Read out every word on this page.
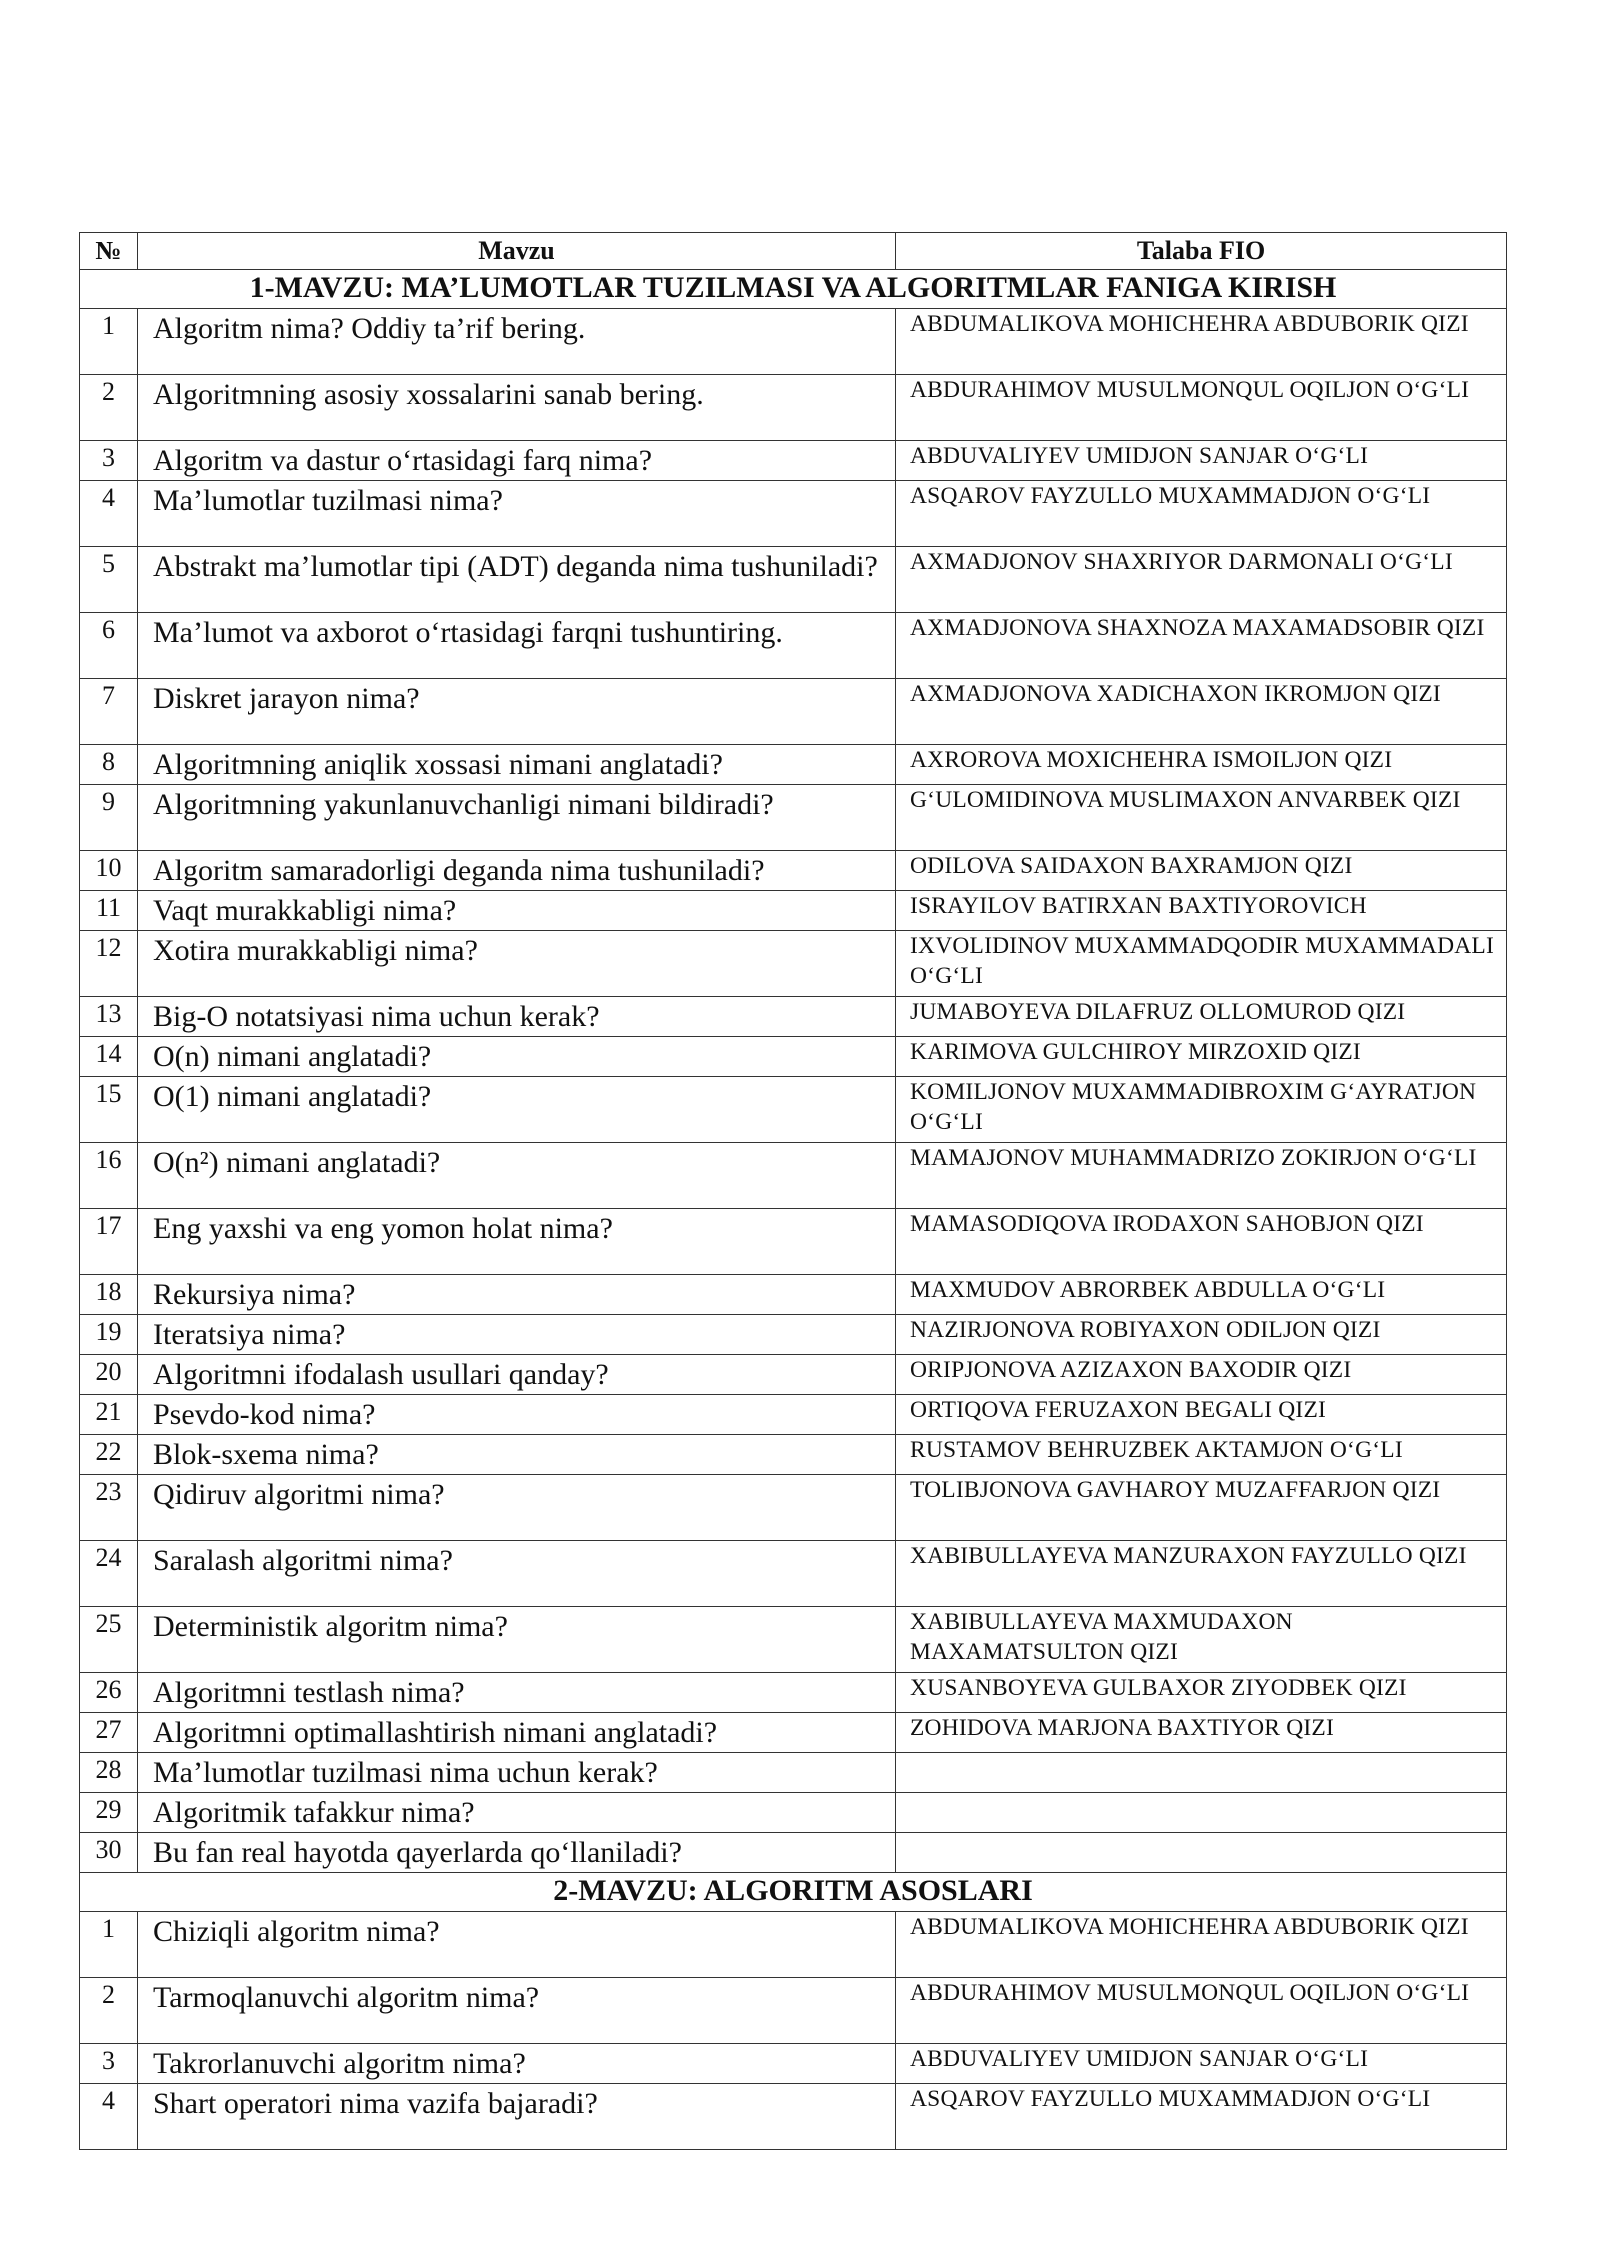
№	Mavzu	Talaba FIO
1-MAVZU: MA’LUMOTLAR TUZILMASI VA ALGORITMLAR FANIGA KIRISH		
1	Algoritm nima? Oddiy ta’rif bering.	ABDUMALIKOVA MOHICHEHRA ABDUBORIK QIZI
2	Algoritmning asosiy xossalarini sanab bering.	ABDURAHIMOV MUSULMONQUL OQILJON O‘G‘LI
3	Algoritm va dastur o‘rtasidagi farq nima?	ABDUVALIYEV UMIDJON SANJAR O‘G‘LI
4	Ma’lumotlar tuzilmasi nima?	ASQAROV FAYZULLO MUXAMMADJON O‘G‘LI
5	Abstrakt ma’lumotlar tipi (ADT) deganda nima tushuniladi?	AXMADJONOV SHAXRIYOR DARMONALI O‘G‘LI
6	Ma’lumot va axborot o‘rtasidagi farqni tushuntiring.	AXMADJONOVA SHAXNOZA MAXAMADSOBIR QIZI
7	Diskret jarayon nima?	AXMADJONOVA XADICHAXON IKROMJON QIZI
8	Algoritmning aniqlik xossasi nimani anglatadi?	AXROROVA MOXICHEHRA ISMOILJON QIZI
9	Algoritmning yakunlanuvchanligi nimani bildiradi?	G‘ULOMIDINOVA MUSLIMAXON ANVARBEK QIZI
10	Algoritm samaradorligi deganda nima tushuniladi?	ODILOVA SAIDAXON BAXRAMJON QIZI
11	Vaqt murakkabligi nima?	ISRAYILOV BATIRXAN BAXTIYOROVICH
12	Xotira murakkabligi nima?	IXVOLIDINOV MUXAMMADQODIR MUXAMMADALI O‘G‘LI
13	Big-O notatsiyasi nima uchun kerak?	JUMABOYEVA DILAFRUZ OLLOMUROD QIZI
14	O(n) nimani anglatadi?	KARIMOVA GULCHIROY MIRZOXID QIZI
15	O(1) nimani anglatadi?	KOMILJONOV MUXAMMADIBROXIM G‘AYRATJON O‘G‘LI
16	O(n²) nimani anglatadi?	MAMAJONOV MUHAMMADRIZO ZOKIRJON O‘G‘LI
17	Eng yaxshi va eng yomon holat nima?	MAMASODIQOVA IRODAXON SAHOBJON QIZI
18	Rekursiya nima?	MAXMUDOV ABRORBEK ABDULLA O‘G‘LI
19	Iteratsiya nima?	NAZIRJONOVA ROBIYAXON ODILJON QIZI
20	Algoritmni ifodalash usullari qanday?	ORIPJONOVA AZIZAXON BAXODIR QIZI
21	Psevdo-kod nima?	ORTIQOVA FERUZAXON BEGALI QIZI
22	Blok-sxema nima?	RUSTAMOV BEHRUZBEK AKTAMJON O‘G‘LI
23	Qidiruv algoritmi nima?	TOLIBJONOVA GAVHAROY MUZAFFARJON QIZI
24	Saralash algoritmi nima?	XABIBULLAYEVA MANZURAXON FAYZULLO QIZI
25	Deterministik algoritm nima?	XABIBULLAYEVA MAXMUDAXON MAXAMATSULTON QIZI
26	Algoritmni testlash nima?	XUSANBOYEVA GULBAXOR ZIYODBEK QIZI
27	Algoritmni optimallashtirish nimani anglatadi?	ZOHIDOVA MARJONA BAXTIYOR QIZI
28	Ma’lumotlar tuzilmasi nima uchun kerak?	
29	Algoritmik tafakkur nima?	
30	Bu fan real hayotda qayerlarda qo‘llaniladi?	
2-MAVZU: ALGORITM ASOSLARI		
1	Chiziqli algoritm nima?	ABDUMALIKOVA MOHICHEHRA ABDUBORIK QIZI
2	Tarmoqlanuvchi algoritm nima?	ABDURAHIMOV MUSULMONQUL OQILJON O‘G‘LI
3	Takrorlanuvchi algoritm nima?	ABDUVALIYEV UMIDJON SANJAR O‘G‘LI
4	Shart operatori nima vazifa bajaradi?	ASQAROV FAYZULLO MUXAMMADJON O‘G‘LI
